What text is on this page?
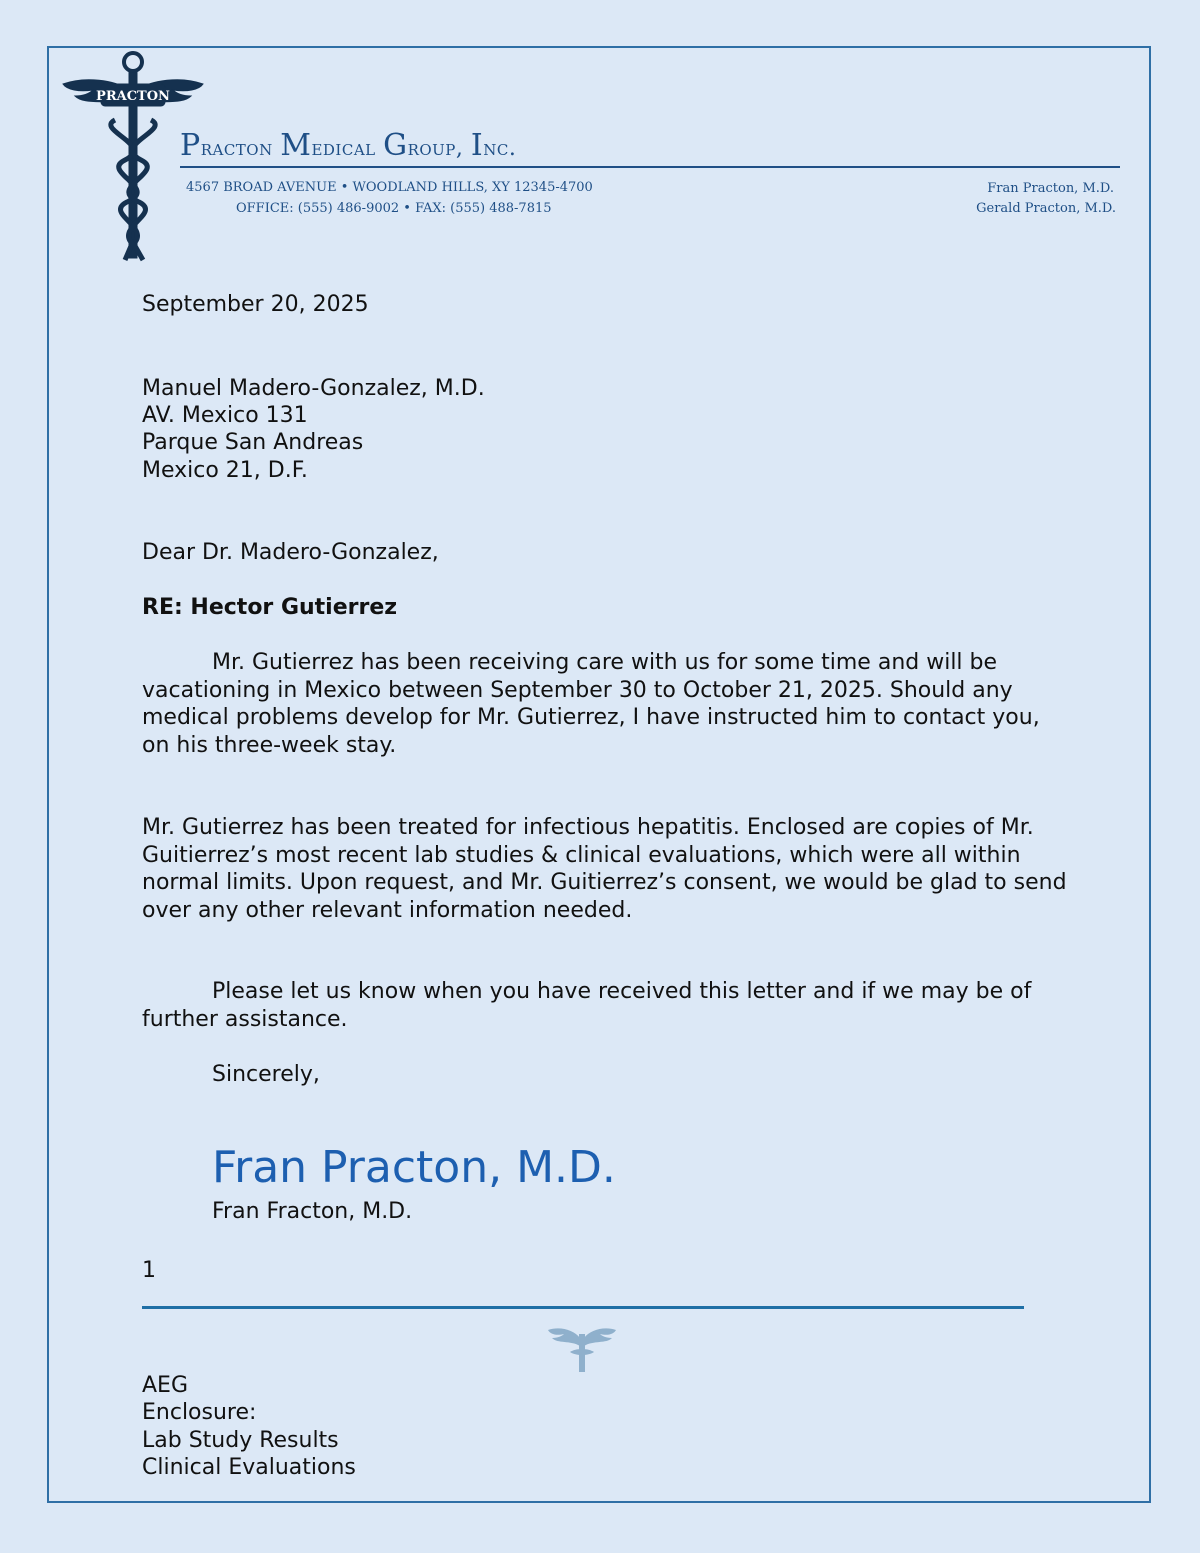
PRACTON
Practon Medical Group, Inc.
4567 BROAD AVENUE • WOODLAND HILLS, XY 12345-4700
OFFICE: (555) 486-9002 • FAX: (555) 488-7815
Fran Practon, M.D.
Gerald Practon, M.D.
September 20, 2025
Manuel Madero-Gonzalez, M.D.
AV. Mexico 131
Parque San Andreas
Mexico 21, D.F.
Dear Dr. Madero-Gonzalez,
RE: Hector Gutierrez

Mr. Gutierrez has been receiving care with us for some time and will be vacationing in Mexico between September 30 to October 21, 2025. Should any medical problems develop for Mr. Gutierrez, I have instructed him to contact you, on his three-week stay.

Mr. Gutierrez has been treated for infectious hepatitis. Enclosed are copies of Mr. Guitierrez’s most recent lab studies & clinical evaluations, which were all within normal limits. Upon request, and Mr. Guitierrez’s consent, we would be glad to send over any other relevant information needed.

Please let us know when you have received this letter and if we may be of further assistance.

Sincerely,
Fran Practon, M.D.
Fran Fracton, M.D.
1
AEG
Enclosure:
Lab Study Results
Clinical Evaluations
